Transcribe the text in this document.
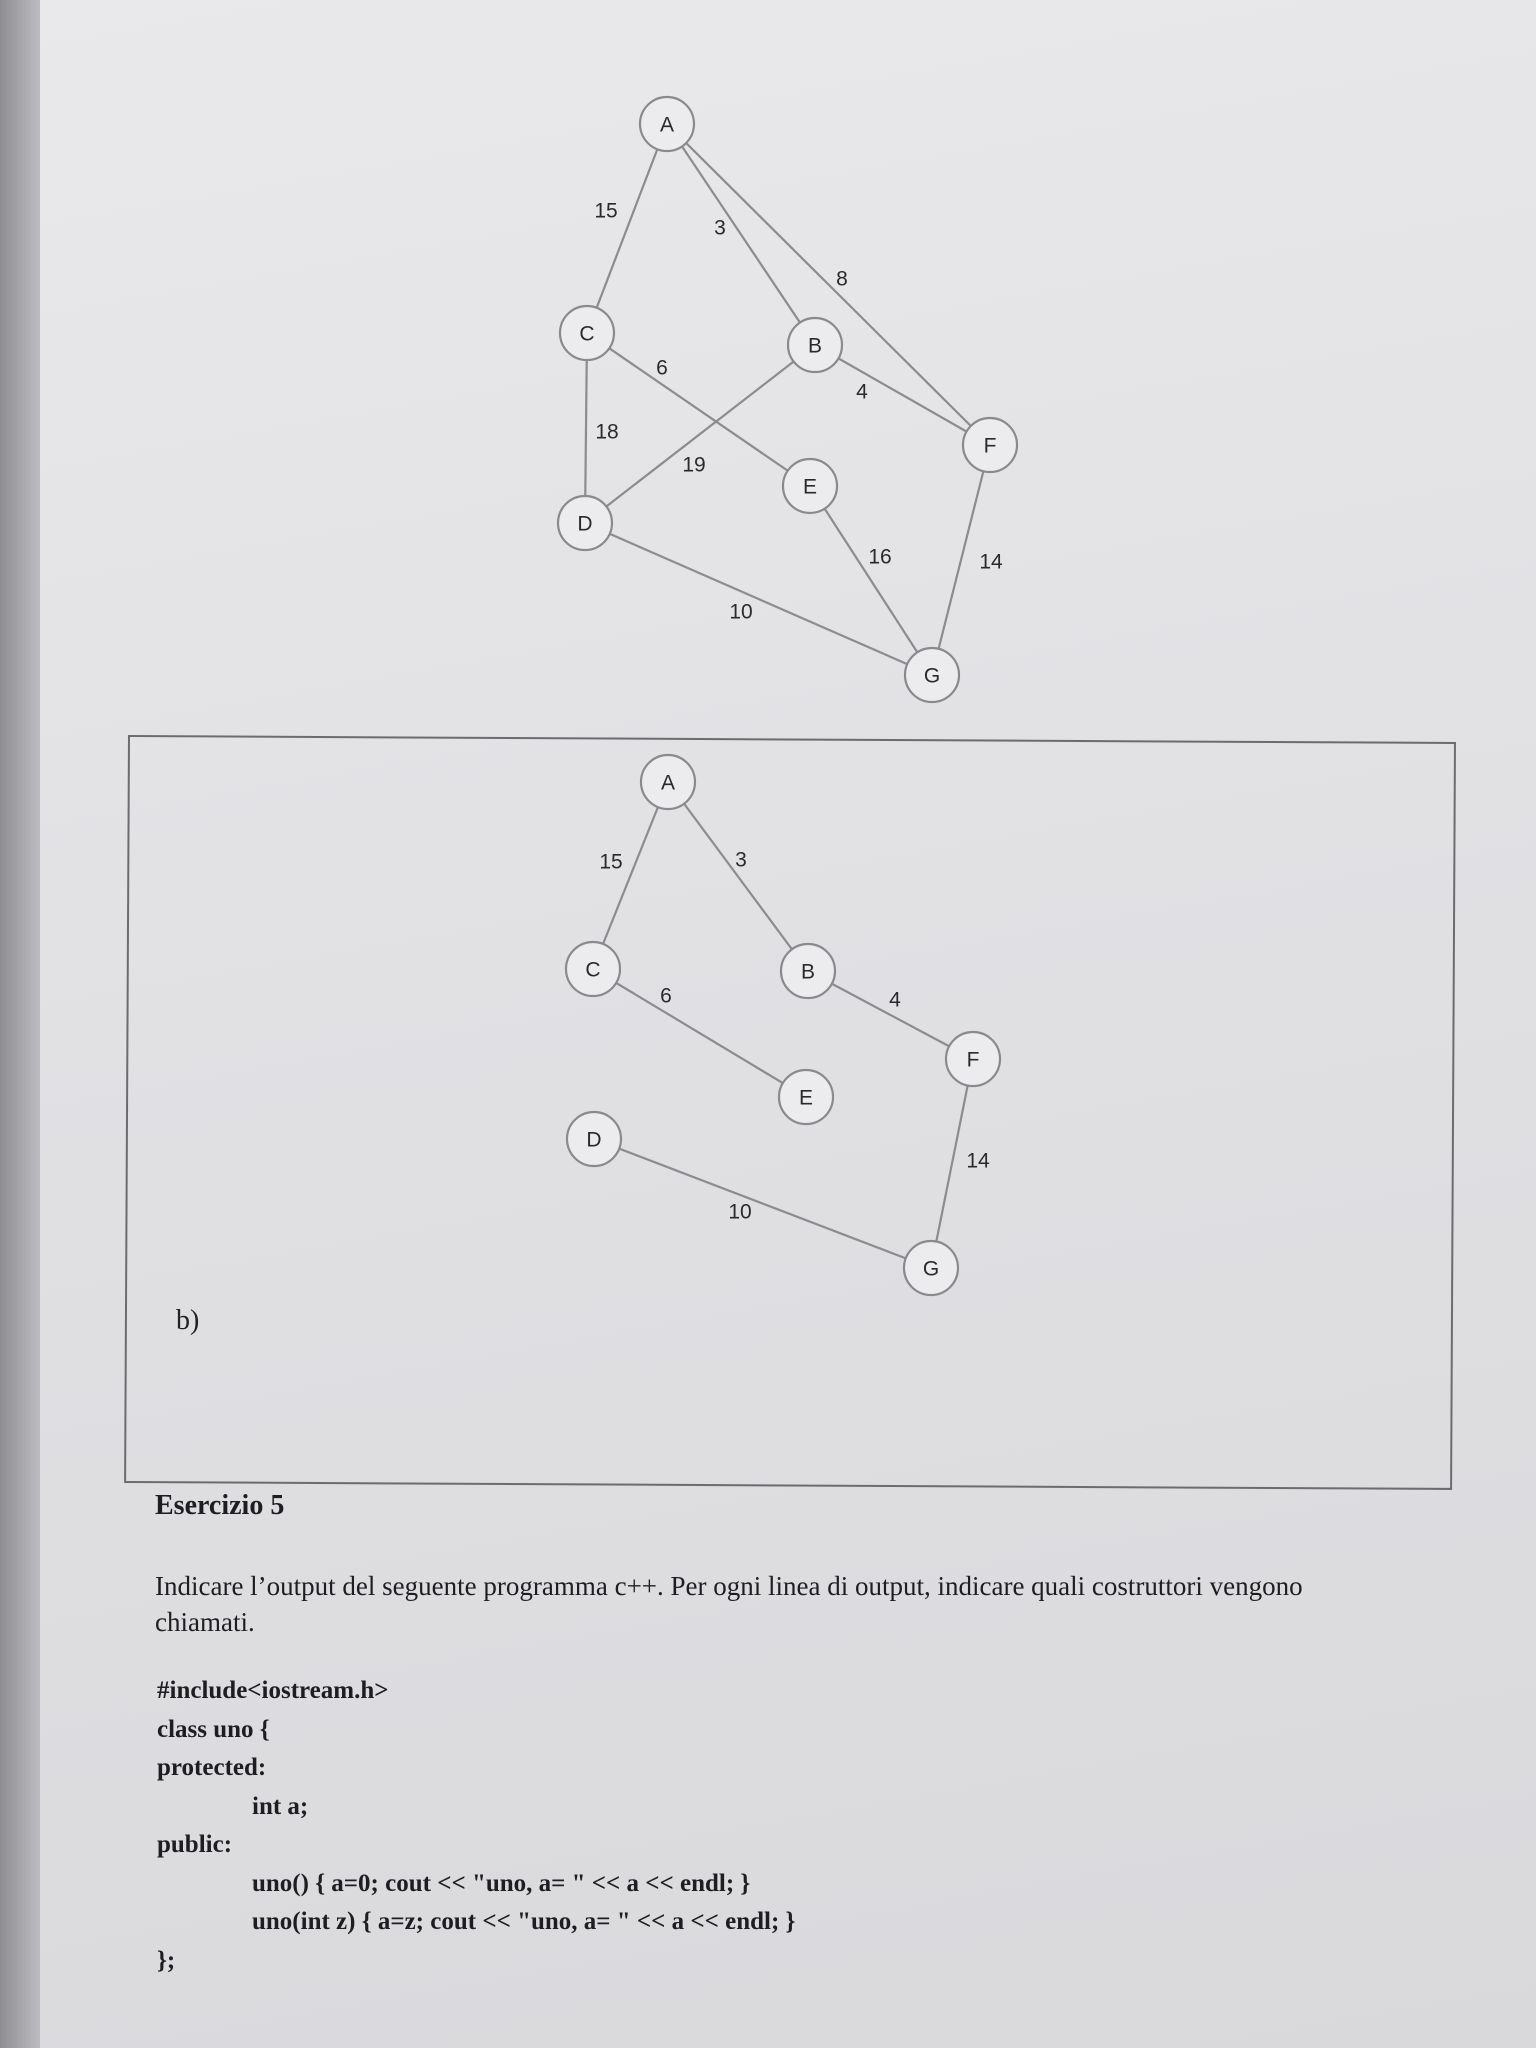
15
3
8
6
18
4
19
16	14
10
A
B
C
D
E
F
G
15	3
6	4
14
10
A
B
C
D
E
F
G
b)
Esercizio 5
Indicare l’output del seguente programma c++. Per ogni linea di output, indicare quali costruttori vengono chiamati.
#include<iostream.h>
class uno {
protected:
int a;
public:
uno() { a=0; cout << "uno, a= " << a << endl; }
uno(int z) { a=z; cout << "uno, a= " << a << endl; }
};
